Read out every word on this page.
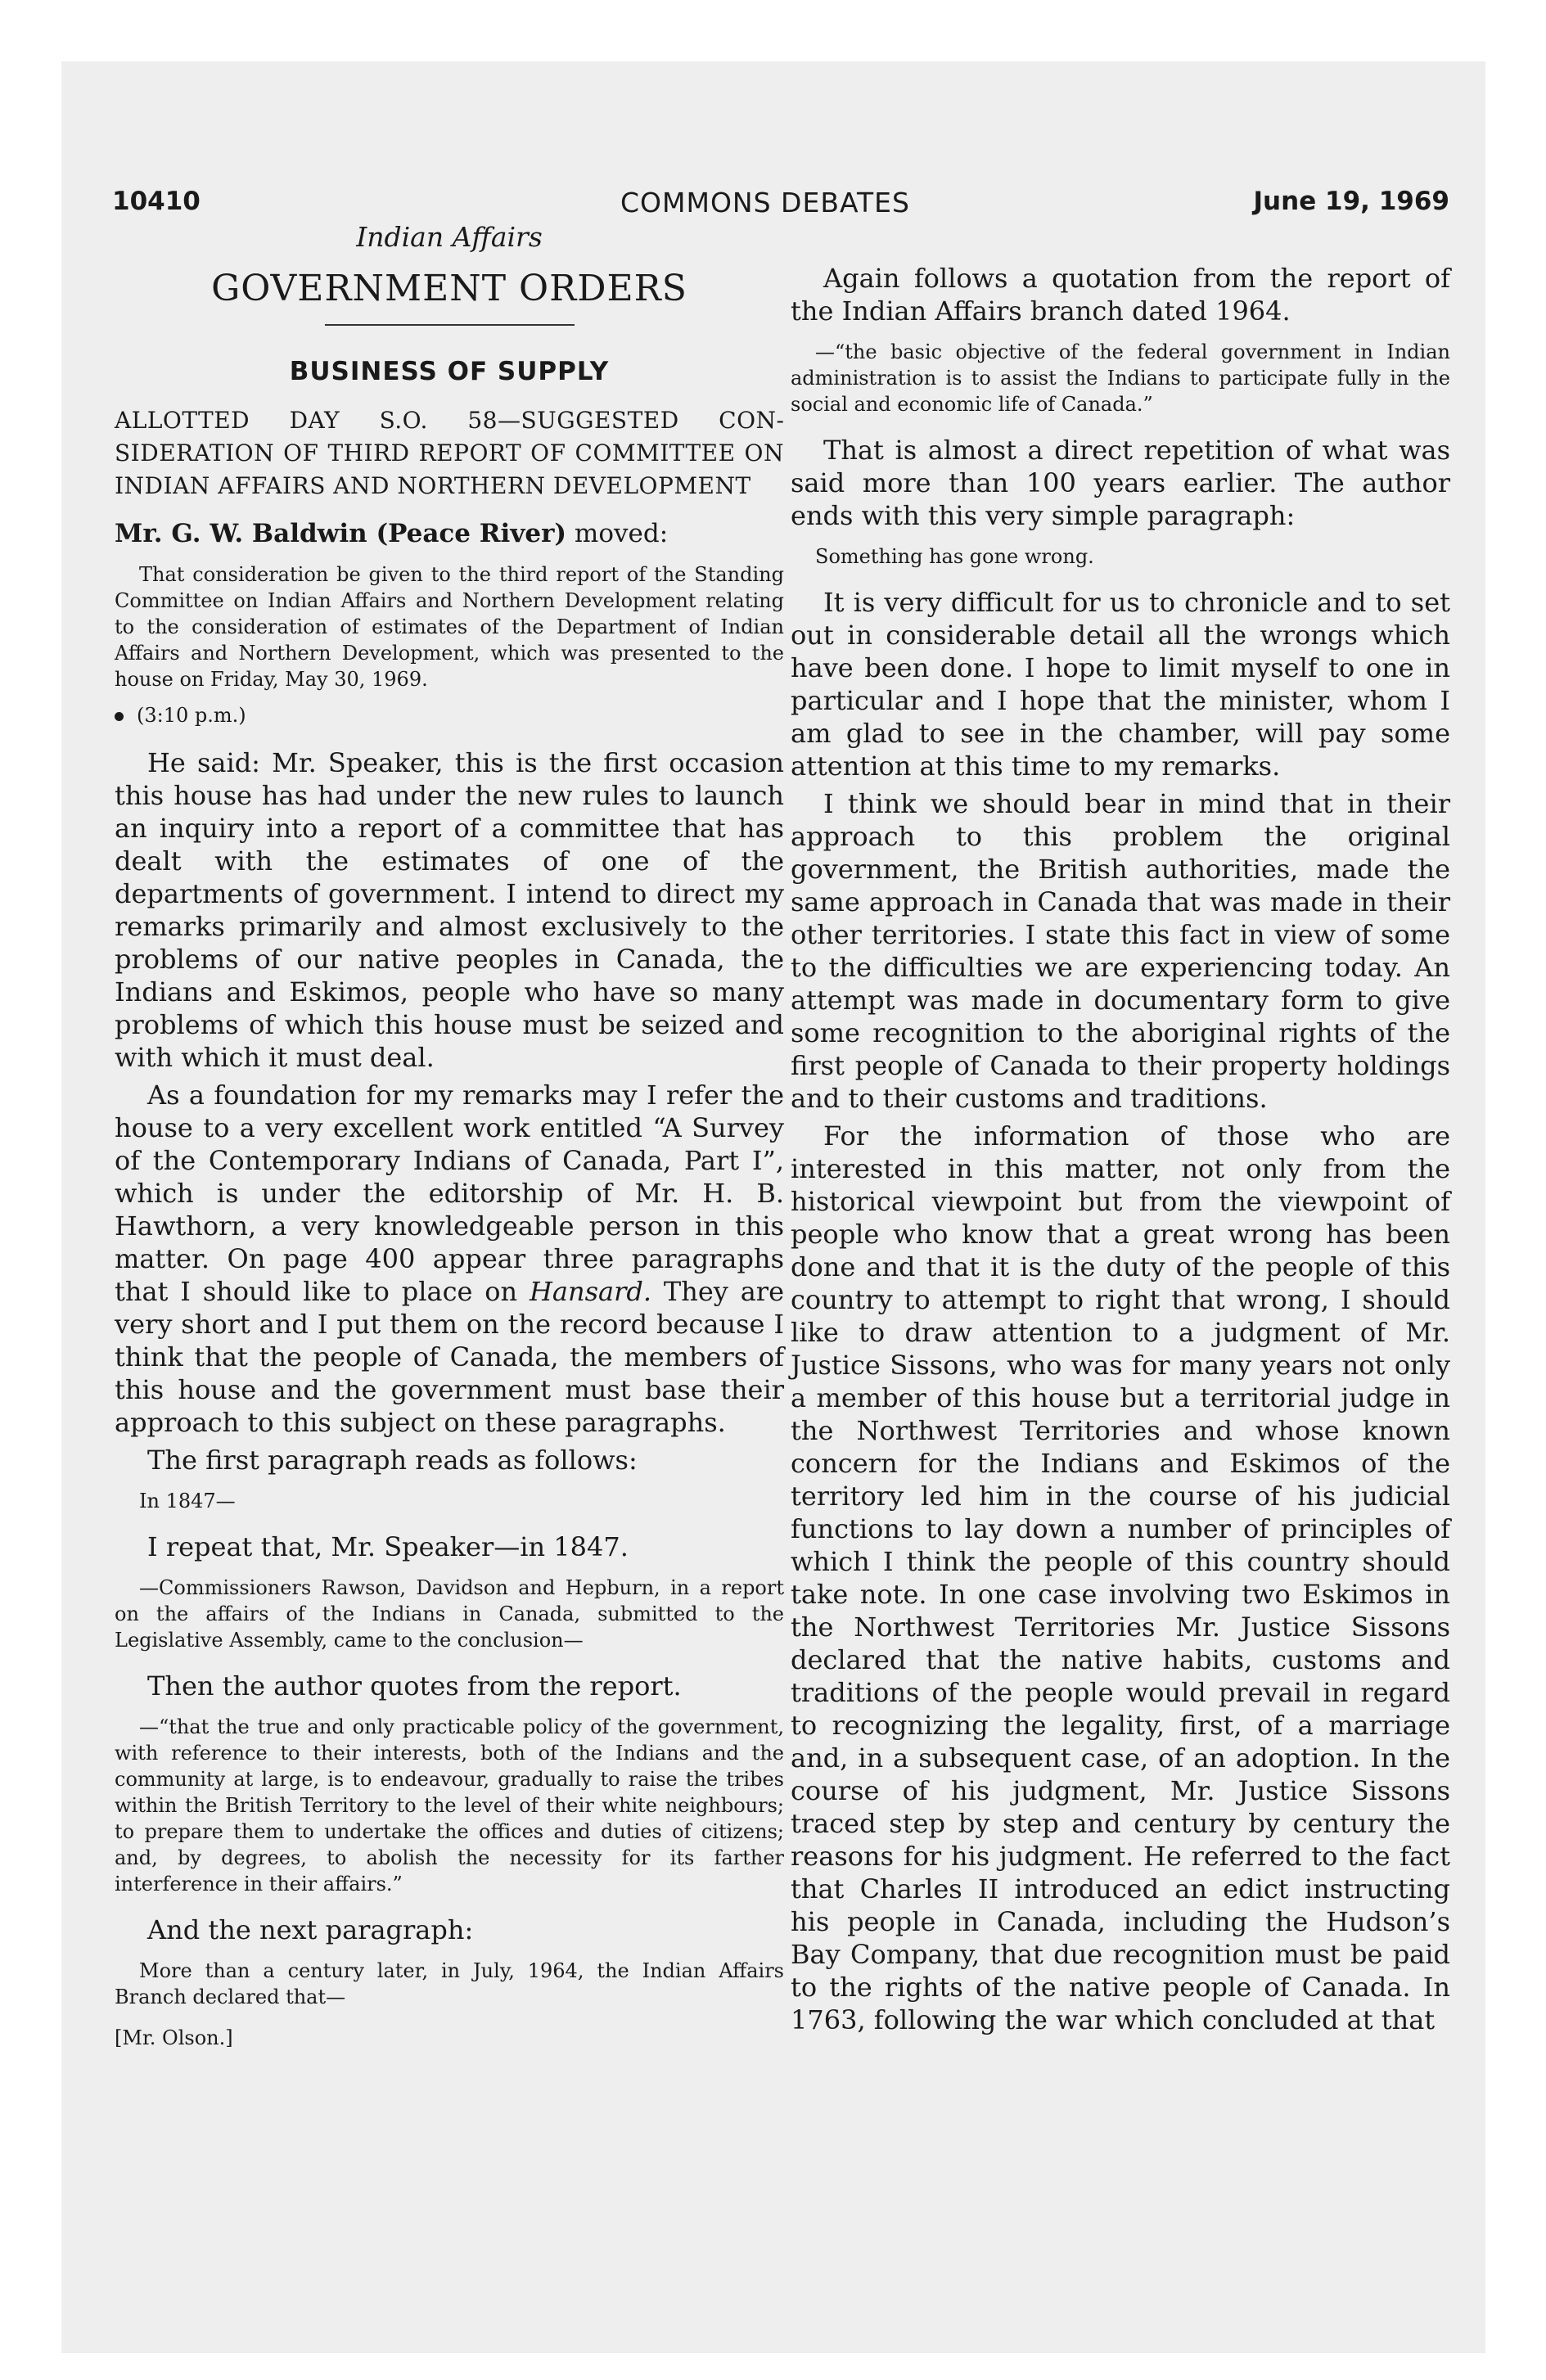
10410	COMMONS DEBATES	June 19, 1969
Indian Affairs
GOVERNMENT ORDERS
BUSINESS OF SUPPLY
ALLOTTED DAY S.O. 58—SUGGESTED CONSIDERATION OF THIRD REPORT OF COMMITTEE ON INDIAN AFFAIRS AND NORTHERN DEVELOPMENT
Mr. G. W. Baldwin (Peace River) moved:

That consideration be given to the third report of the Standing Committee on Indian Affairs and Northern Development relating to the consideration of estimates of the Department of Indian Affairs and Northern Development, which was presented to the house on Friday, May 30, 1969.

(3:10 p.m.)

He said: Mr. Speaker, this is the first occasion this house has had under the new rules to launch an inquiry into a report of a committee that has dealt with the estimates of one of the departments of government. I intend to direct my remarks primarily and almost exclusively to the problems of our native peoples in Canada, the Indians and Eskimos, people who have so many problems of which this house must be seized and with which it must deal.

As a foundation for my remarks may I refer the house to a very excellent work entitled “A Survey of the Contemporary Indians of Canada, Part I”, which is under the editorship of Mr. H. B. Hawthorn, a very knowledgeable person in this matter. On page 400 appear three paragraphs that I should like to place on Hansard. They are very short and I put them on the record because I think that the people of Canada, the members of this house and the government must base their approach to this subject on these paragraphs.

The first paragraph reads as follows:

In 1847—

I repeat that, Mr. Speaker—in 1847.

—Commissioners Rawson, Davidson and Hepburn, in a report on the affairs of the Indians in Canada, submitted to the Legislative Assembly, came to the conclusion—

Then the author quotes from the report.

—“that the true and only practicable policy of the government, with reference to their interests, both of the Indians and the community at large, is to endeavour, gradually to raise the tribes within the British Territory to the level of their white neighbours; to prepare them to undertake the offices and duties of citizens; and, by degrees, to abolish the necessity for its farther interference in their affairs.”

And the next paragraph:

More than a century later, in July, 1964, the Indian Affairs Branch declared that—

[Mr. Olson.]

Again follows a quotation from the report of the Indian Affairs branch dated 1964.

—“the basic objective of the federal government in Indian administration is to assist the Indians to participate fully in the social and economic life of Canada.”

That is almost a direct repetition of what was said more than 100 years earlier. The author ends with this very simple paragraph:

Something has gone wrong.

It is very difficult for us to chronicle and to set out in considerable detail all the wrongs which have been done. I hope to limit myself to one in particular and I hope that the minister, whom I am glad to see in the chamber, will pay some attention at this time to my remarks.

I think we should bear in mind that in their approach to this problem the original government, the British authorities, made the same approach in Canada that was made in their other territories. I state this fact in view of some to the difficulties we are experiencing today. An attempt was made in documentary form to give some recognition to the aboriginal rights of the first people of Canada to their property holdings and to their customs and traditions.

For the information of those who are interested in this matter, not only from the historical viewpoint but from the viewpoint of people who know that a great wrong has been done and that it is the duty of the people of this country to attempt to right that wrong, I should like to draw attention to a judgment of Mr. Justice Sissons, who was for many years not only a member of this house but a territorial judge in the Northwest Territories and whose known concern for the Indians and Eskimos of the territory led him in the course of his judicial functions to lay down a number of principles of which I think the people of this country should take note. In one case involving two Eskimos in the Northwest Territories Mr. Justice Sissons declared that the native habits, customs and traditions of the people would prevail in regard to recognizing the legality, first, of a marriage and, in a subsequent case, of an adoption. In the course of his judgment, Mr. Justice Sissons traced step by step and century by century the reasons for his judgment. He referred to the fact that Charles II introduced an edict instructing his people in Canada, including the Hudson’s Bay Company, that due recognition must be paid to the rights of the native people of Canada. In 1763, following the war which concluded at that
